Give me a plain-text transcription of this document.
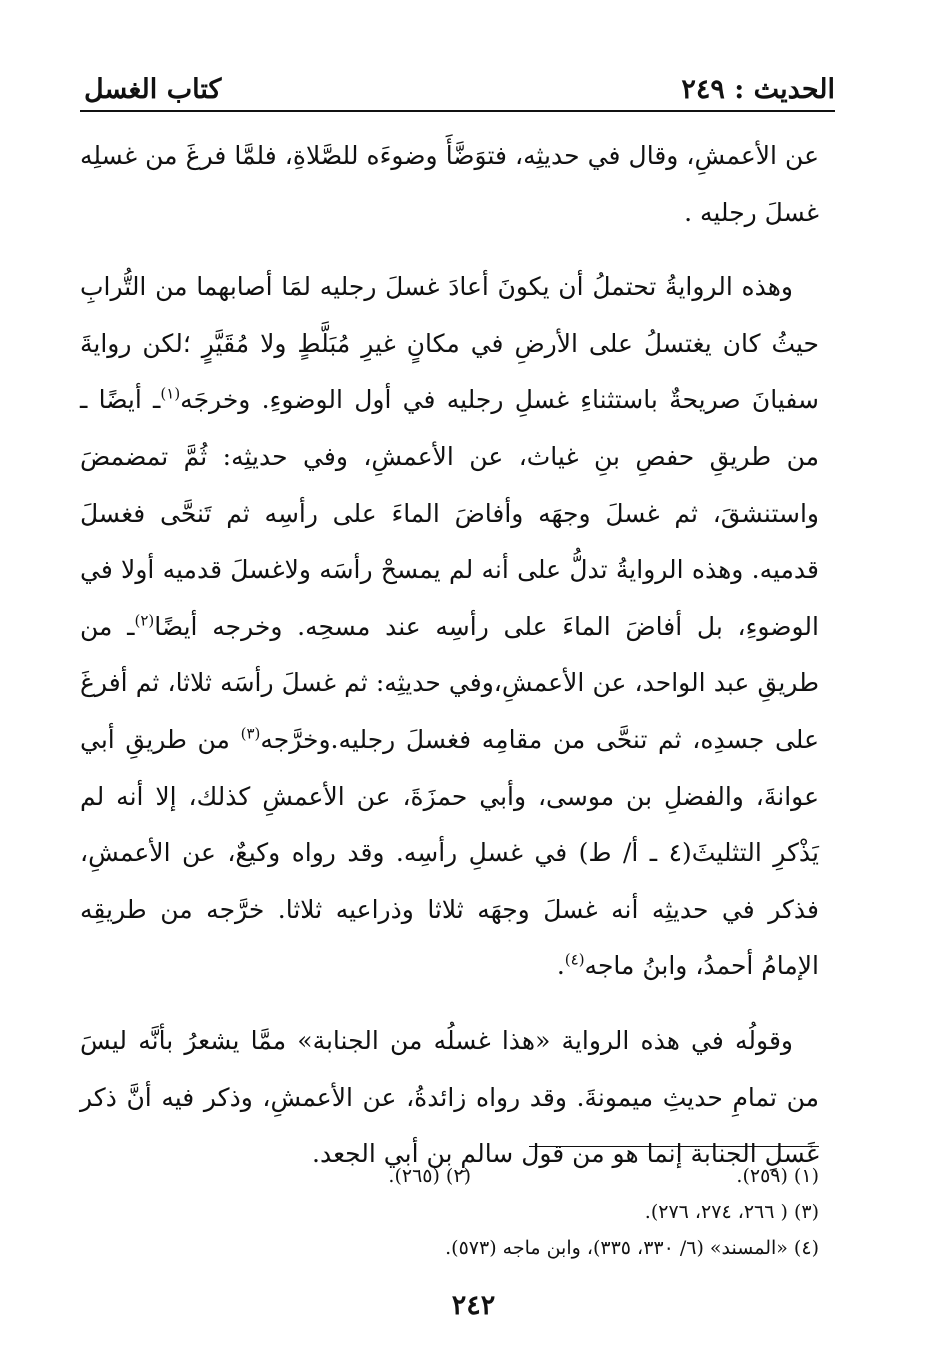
الحديث : ٢٤٩
كتاب الغسل

عن الأعمشِ، وقال في حديثِه، فتوَضَّأَ وضوءَه للصَّلاةِ، فلمَّا فرغَ من غسلِه غسلَ رجليه .

وهذه الروايةُ تحتملُ أن يكونَ أعادَ غسلَ رجليه لمَا أصابهما من التُّرابِ حيثُ كان يغتسلُ على الأرضِ في مكانٍ غيرِ مُبَلَّطٍ ولا مُقَيَّرٍ ؛لكن روايةَ سفيانَ صريحةٌ باستثناءِ غسلِ رجليه في أول الوضوءِ. وخرجَه$^{(١)}$ـ أيضًا ـ من طريقِ حفصِ بنِ غياث، عن الأعمشِ، وفي حديثِه: ثُمَّ تمضمضَ واستنشقَ، ثم غسلَ وجهَه وأفاضَ الماءَ على رأسِه ثم تَنحَّى فغسلَ قدميه. وهذه الروايةُ تدلُّ على أنه لم يمسحْ رأسَه ولاغسلَ قدميه أولا في الوضوءِ، بل أفاضَ الماءَ على رأسِه عند مسحِه. وخرجه أيضًا$^{(٢)}$ـ من طريقِ عبد الواحد، عن الأعمشِ،وفي حديثِه: ثم غسلَ رأسَه ثلاثا، ثم أفرغَ على جسدِه، ثم تنحَّى من مقامِه فغسلَ رجليه.وخرَّجه$^{(٣)}$ من طريقِ أبي عوانةَ، والفضلِ بن موسى، وأبي حمزَةَ، عن الأعمشِ كذلك، إلا أنه لم يَذْكرِ التثليثَ(٤ ـ أ/ ط) في غسلِ رأسِه. وقد رواه وكيعٌ، عن الأعمشِ، فذكر في حديثِه أنه غسلَ وجهَه ثلاثا وذراعيه ثلاثا. خرَّجه من طريقِه الإمامُ أحمدُ، وابنُ ماجه$^{(٤)}$.

وقولُه في هذه الرواية «هذا غسلُه من الجنابة» ممَّا يشعرُ بأنَّه ليسَ من تمامِ حديثِ ميمونةَ. وقد رواه زائدةُ، عن الأعمشِ، وذكر فيه أنَّ ذكر غَسلِ الجنابة إنما هو من قول سالمِ بن أبي الجعد.

(١) (٢٥٩).
(٢) (٢٦٥).
(٣) ( ٢٦٦، ٢٧٤، ٢٧٦).
(٤) «المسند» (٦/ ٣٣٠، ٣٣٥)، وابن ماجه (٥٧٣).
٢٤٢
